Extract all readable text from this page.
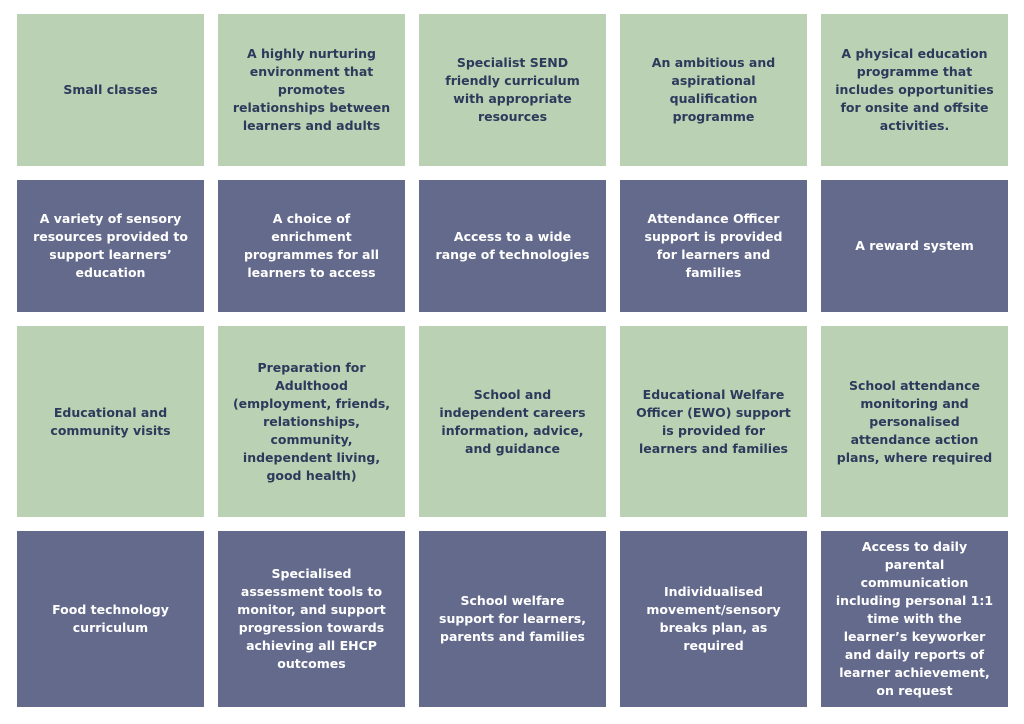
Small classes
A highly nurturing environment that promotes relationships between learners and adults
Specialist SEND friendly curriculum with appropriate resources
An ambitious and aspirational qualification programme
A physical education programme that includes opportunities for onsite and offsite activities.
A variety of sensory resources provided to support learners’ education
A choice of enrichment programmes for all learners to access
Access to a wide range of technologies
Attendance Officer support is provided for learners and families
A reward system
Educational and community visits
Preparation for Adulthood (employment, friends, relationships, community, independent living, good health)
School and independent careers information, advice, and guidance
Educational Welfare Officer (EWO) support is provided for learners and families
School attendance monitoring and personalised attendance action plans, where required
Food technology curriculum
Specialised assessment tools to monitor, and support progression towards achieving all EHCP outcomes
School welfare support for learners, parents and families
Individualised movement/sensory breaks plan, as required
Access to daily parental communication including personal 1:1 time with the learner’s keyworker and daily reports of learner achievement, on request
